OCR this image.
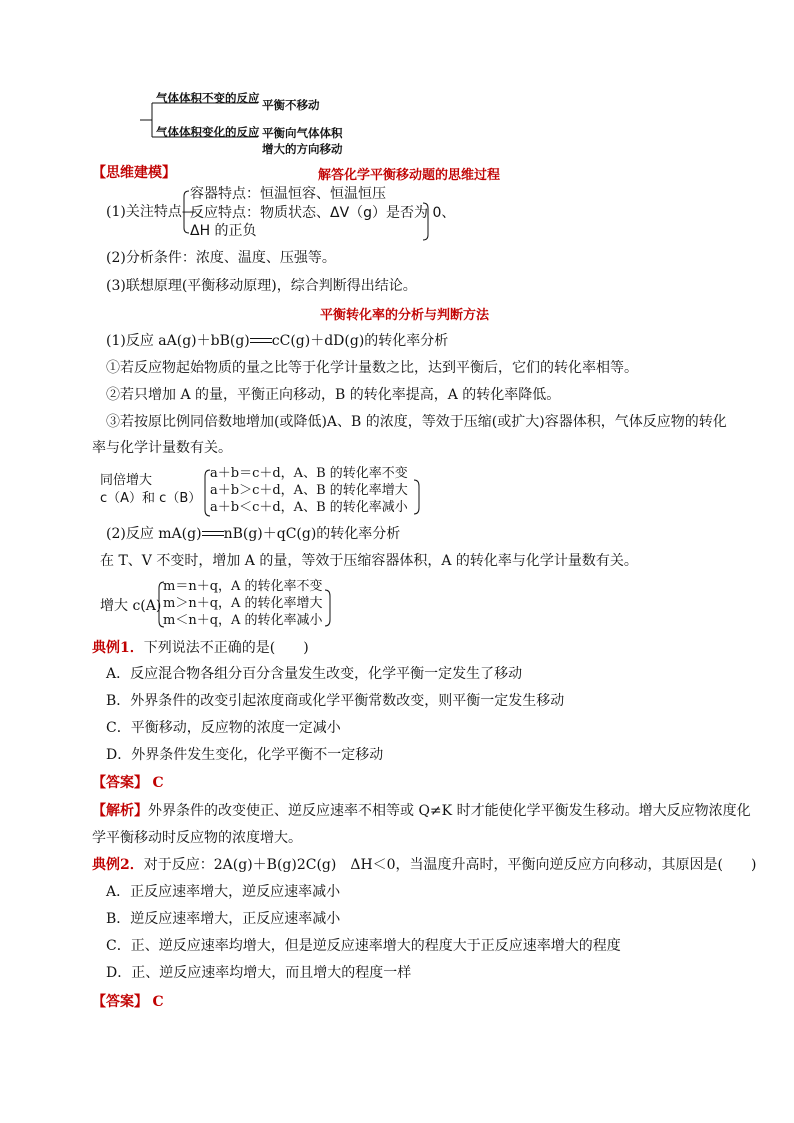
气体体积不变的反应 平衡不移动
气体体积变化的反应 平衡向气体体积
增大的方向移动
【思维建模】	解答化学平衡移动题的思维过程
(1)关注特点—
容器特点：恒温恒容、恒温恒压
反应特点：物质状态、ΔV（g）是否为 0、
ΔH 的正负
(2)分析条件：浓度、温度、压强等。
(3)联想原理(平衡移动原理)，综合判断得出结论。
平衡转化率的分析与判断方法
(1)反应 aA(g)＋bB(g) cC(g)＋dD(g)的转化率分析
①若反应物起始物质的量之比等于化学计量数之比，达到平衡后，它们的转化率相等。
②若只增加 A 的量，平衡正向移动，B 的转化率提高，A 的转化率降低。
③若按原比例同倍数地增加(或降低)A、B 的浓度，等效于压缩(或扩大)容器体积，气体反应物的转化
率与化学计量数有关。
同倍增大
c（A）和 c（B）
a＋b＝c＋d，A、B 的转化率不变
a＋b＞c＋d，A、B 的转化率增大
a＋b＜c＋d，A、B 的转化率减小
(2)反应 mA(g) nB(g)＋qC(g)的转化率分析
在 T、V 不变时，增加 A 的量，等效于压缩容器体积，A 的转化率与化学计量数有关。
增大 c(A)
m＝n＋q，A 的转化率不变
m＞n＋q，A 的转化率增大
m＜n＋q，A 的转化率减小
典例1．下列说法不正确的是(　　)
A．反应混合物各组分百分含量发生改变，化学平衡一定发生了移动
B．外界条件的改变引起浓度商或化学平衡常数改变，则平衡一定发生移动
C．平衡移动，反应物的浓度一定减小
D．外界条件发生变化，化学平衡不一定移动
【答案】 C
【解析】外界条件的改变使正、逆反应速率不相等或 Q≠K 时才能使化学平衡发生移动。增大反应物浓度化
学平衡移动时反应物的浓度增大。
典例2．对于反应：2A(g)＋B(g)2C(g)　ΔH＜0，当温度升高时，平衡向逆反应方向移动，其原因是(　　)
A．正反应速率增大，逆反应速率减小
B．逆反应速率增大，正反应速率减小
C．正、逆反应速率均增大，但是逆反应速率增大的程度大于正反应速率增大的程度
D．正、逆反应速率均增大，而且增大的程度一样
【答案】 C
